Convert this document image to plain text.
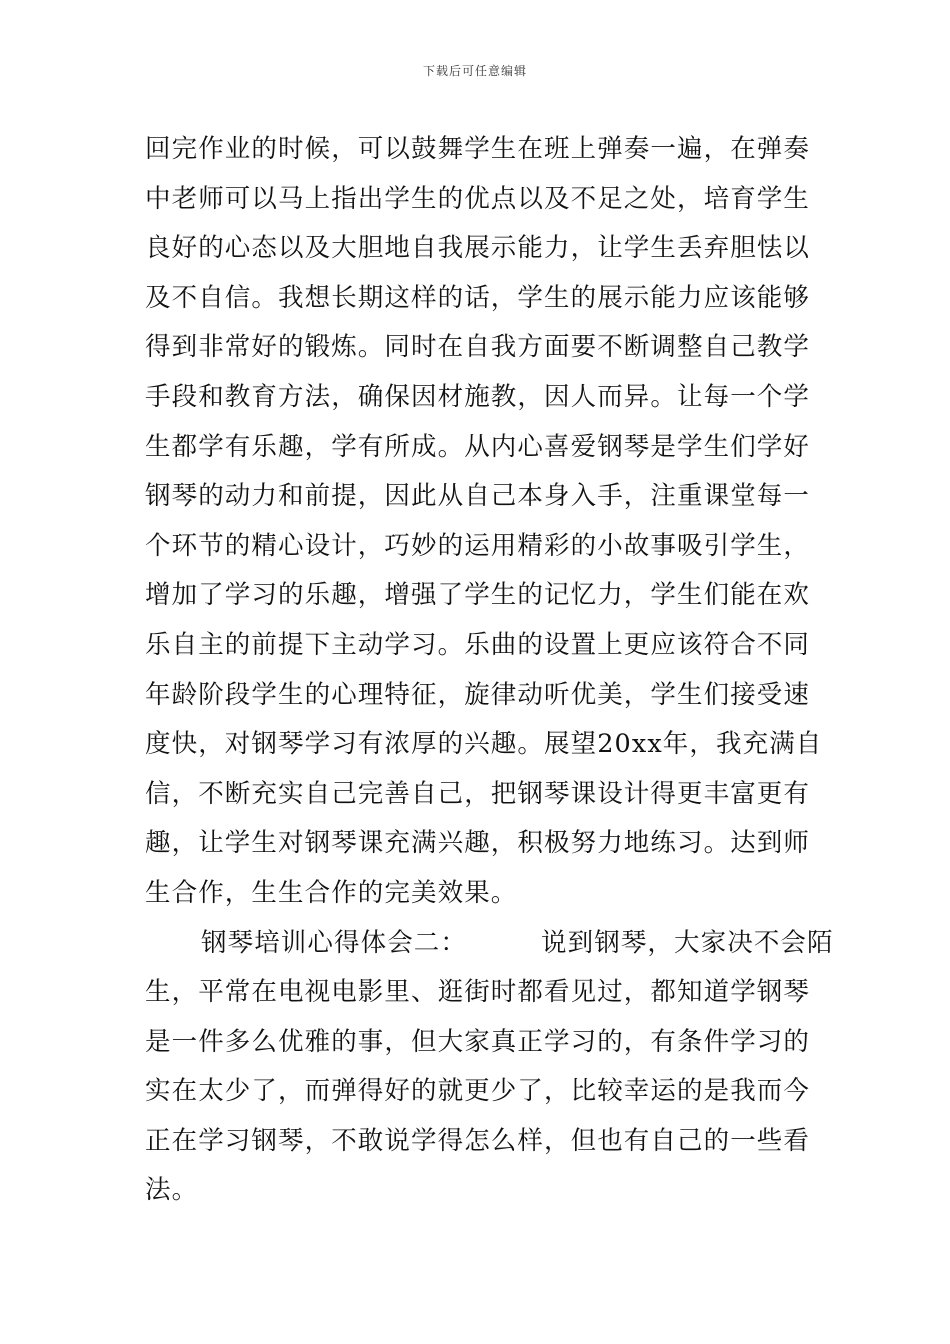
下载后可任意编辑
回完作业的时候，可以鼓舞学生在班上弹奏一遍，在弹奏
中老师可以马上指出学生的优点以及不足之处，培育学生
良好的心态以及大胆地自我展示能力，让学生丢弃胆怯以
及不自信。我想长期这样的话，学生的展示能力应该能够
得到非常好的锻炼。同时在自我方面要不断调整自己教学
手段和教育方法，确保因材施教，因人而异。让每一个学
生都学有乐趣，学有所成。从内心喜爱钢琴是学生们学好
钢琴的动力和前提，因此从自己本身入手，注重课堂每一
个环节的精心设计，巧妙的运用精彩的小故事吸引学生，
增加了学习的乐趣，增强了学生的记忆力，学生们能在欢
乐自主的前提下主动学习。乐曲的设置上更应该符合不同
年龄阶段学生的心理特征，旋律动听优美，学生们接受速
度快，对钢琴学习有浓厚的兴趣。展望20xx年，我充满自
信，不断充实自己完善自己，把钢琴课设计得更丰富更有
趣，让学生对钢琴课充满兴趣，积极努力地练习。达到师
生合作，生生合作的完美效果。
钢琴培训心得体会二：	说到钢琴，大家决不会陌
生，平常在电视电影里、逛街时都看见过，都知道学钢琴
是一件多么优雅的事，但大家真正学习的，有条件学习的
实在太少了，而弹得好的就更少了，比较幸运的是我而今
正在学习钢琴，不敢说学得怎么样，但也有自己的一些看
法。
